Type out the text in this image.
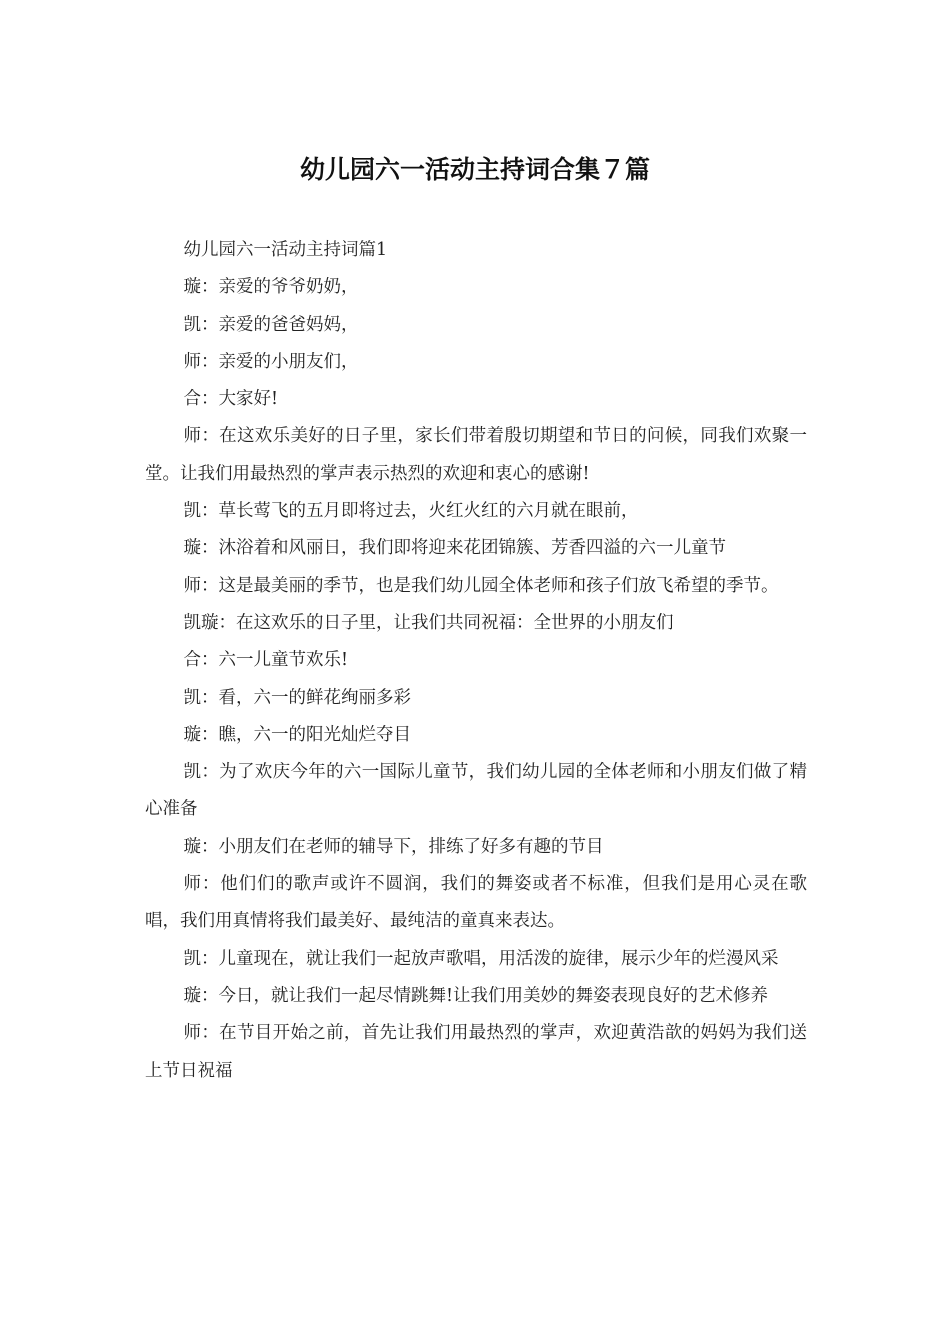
幼儿园六一活动主持词合集７篇

幼儿园六一活动主持词篇1

璇：亲爱的爷爷奶奶，

凯：亲爱的爸爸妈妈，

师：亲爱的小朋友们，

合：大家好!

师：在这欢乐美好的日子里，家长们带着殷切期望和节日的问候，同我们欢聚一堂。让我们用最热烈的掌声表示热烈的欢迎和衷心的感谢!

凯：草长莺飞的五月即将过去，火红火红的六月就在眼前，

璇：沐浴着和风丽日，我们即将迎来花团锦簇、芳香四溢的六一儿童节

师：这是最美丽的季节，也是我们幼儿园全体老师和孩子们放飞希望的季节。

凯璇：在这欢乐的日子里，让我们共同祝福：全世界的小朋友们

合：六一儿童节欢乐!

凯：看，六一的鲜花绚丽多彩

璇：瞧，六一的阳光灿烂夺目

凯：为了欢庆今年的六一国际儿童节，我们幼儿园的全体老师和小朋友们做了精心准备

璇：小朋友们在老师的辅导下，排练了好多有趣的节目

师：他们们的歌声或许不圆润，我们的舞姿或者不标准，但我们是用心灵在歌唱，我们用真情将我们最美好、最纯洁的童真来表达。

凯：儿童现在，就让我们一起放声歌唱，用活泼的旋律，展示少年的烂漫风采

璇：今日，就让我们一起尽情跳舞!让我们用美妙的舞姿表现良好的艺术修养

师：在节目开始之前，首先让我们用最热烈的掌声，欢迎黄浩歆的妈妈为我们送上节日祝福
